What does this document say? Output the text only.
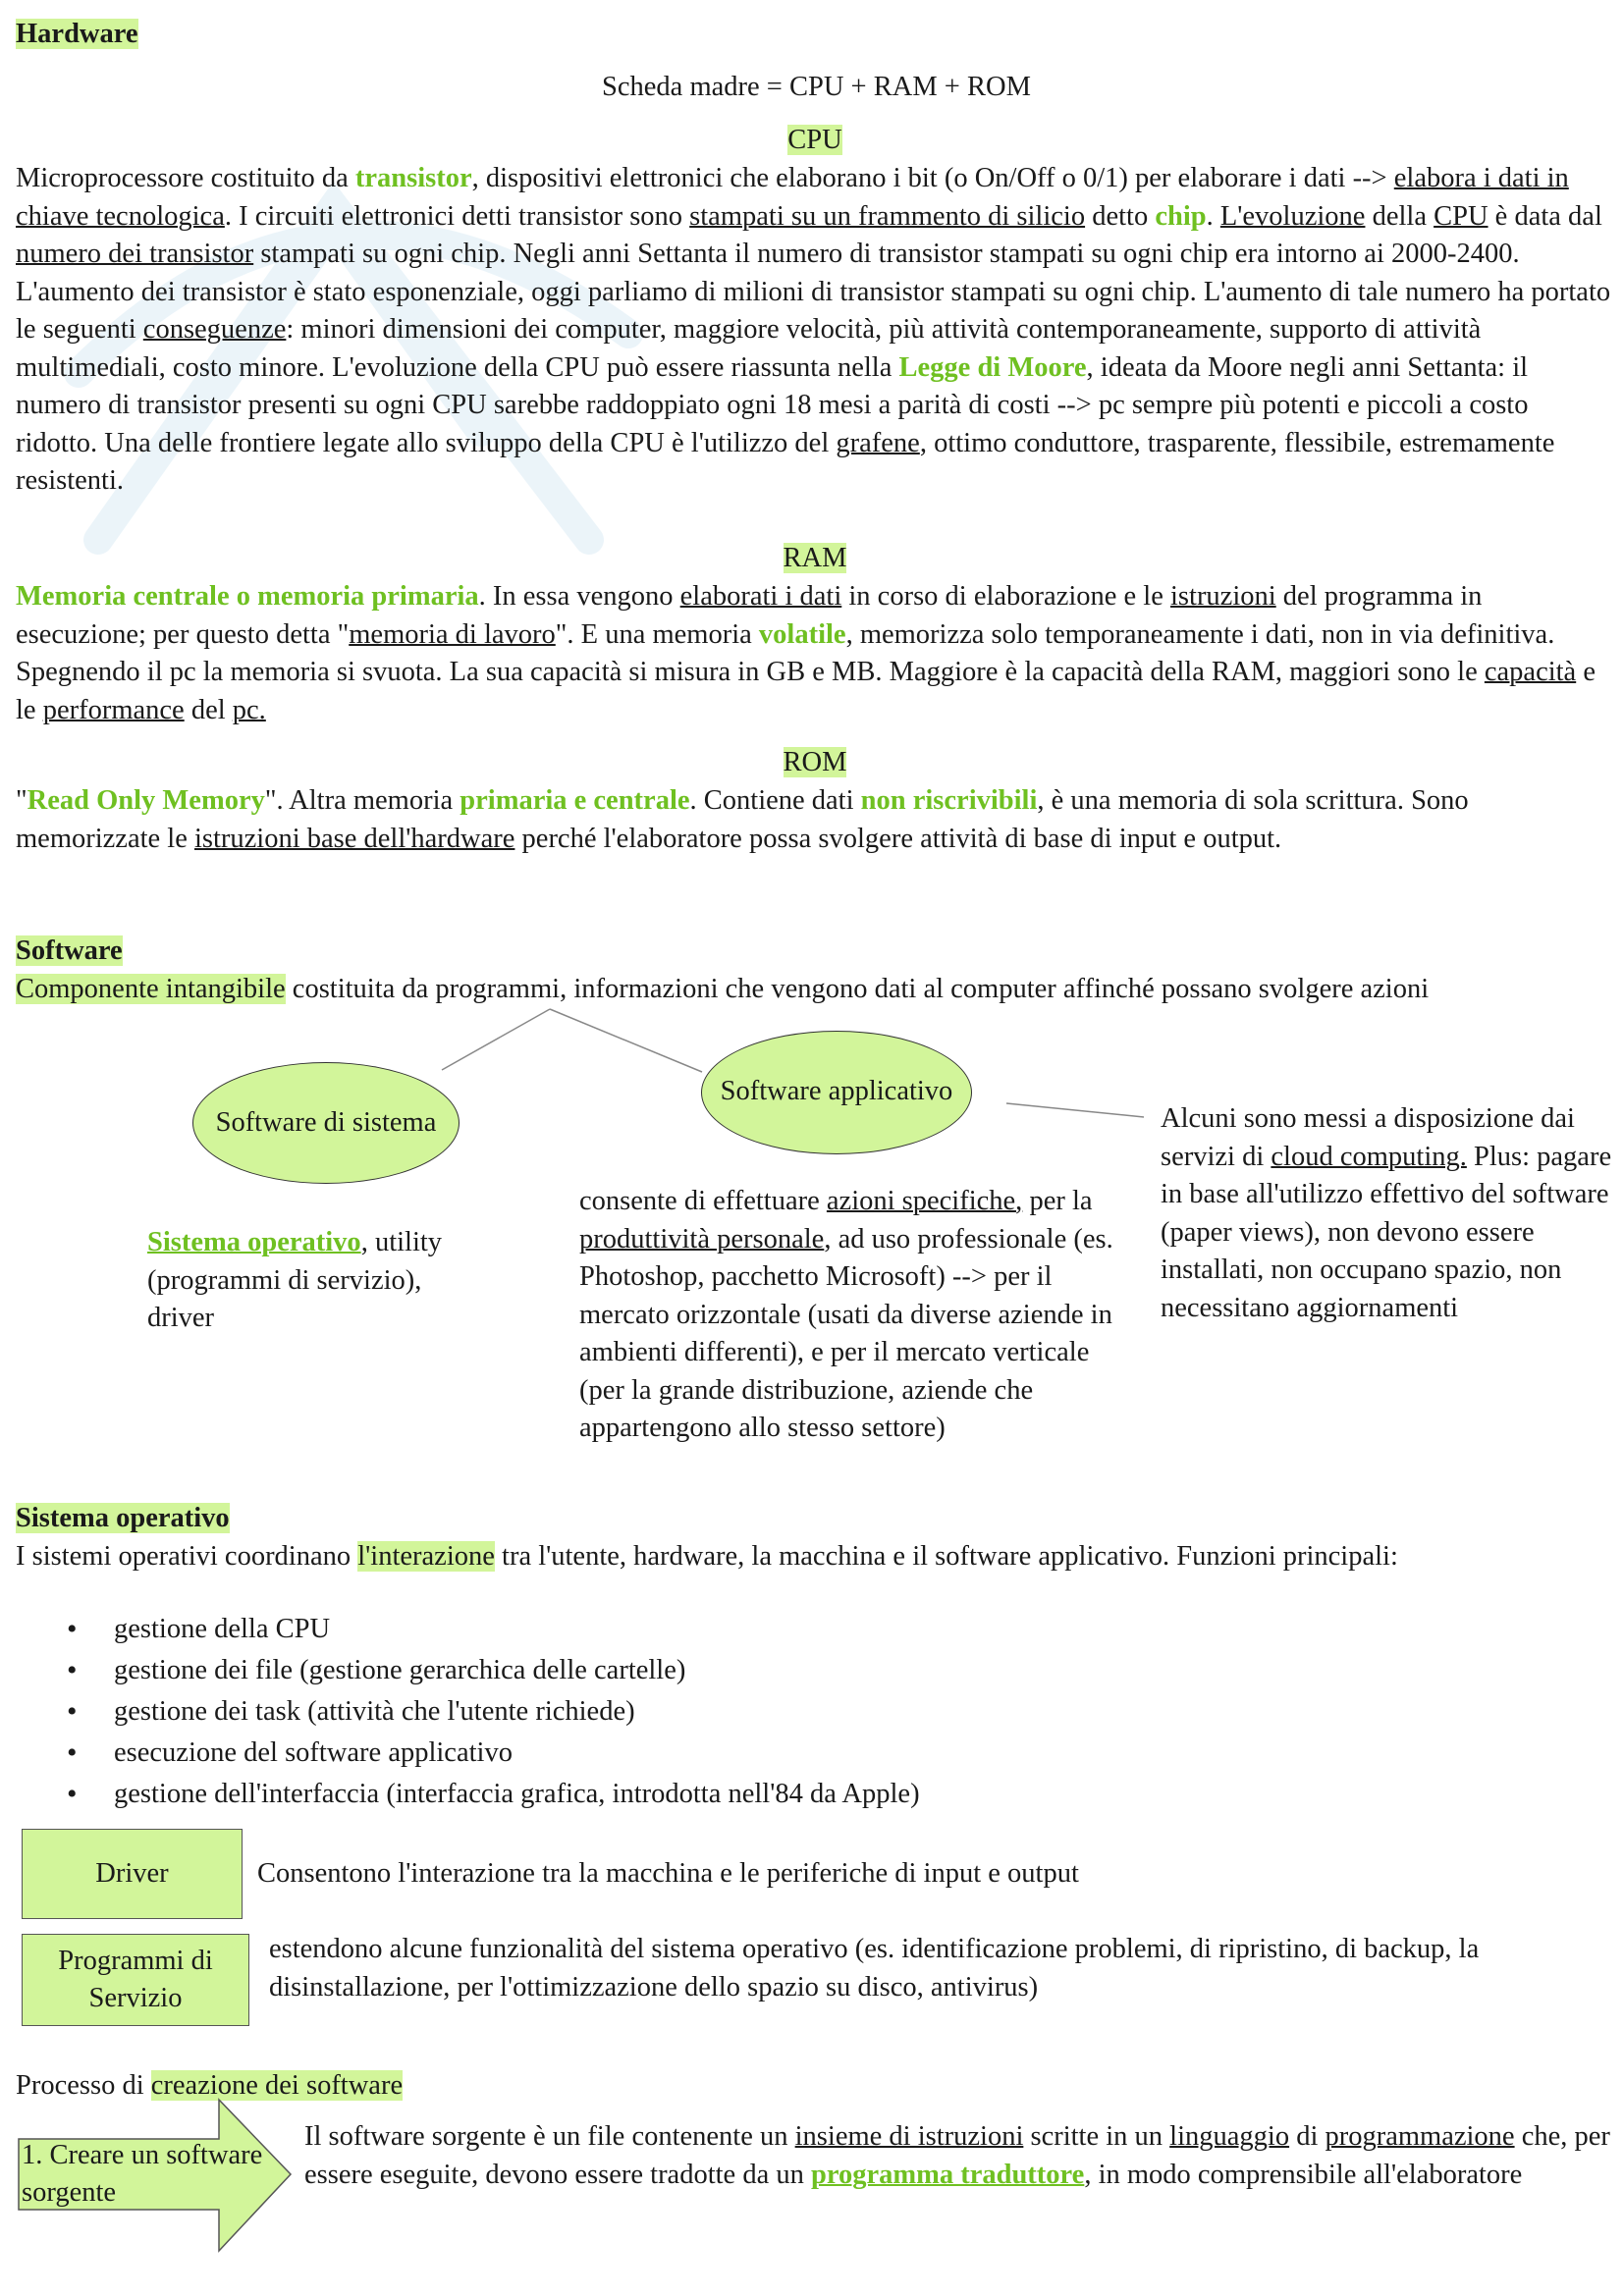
Hardware
Scheda madre = CPU + RAM + ROM
CPU

Microprocessore costituito da transistor, dispositivi elettronici che elaborano i bit (o On/Off o 0/1) per elaborare i dati --> elabora i dati in chiave tecnologica. I circuiti elettronici detti transistor sono stampati su un frammento di silicio detto chip. L'evoluzione della CPU è data dal numero dei transistor stampati su ogni chip. Negli anni Settanta il numero di transistor stampati su ogni chip era intorno ai 2000-2400. L'aumento dei transistor è stato esponenziale, oggi parliamo di milioni di transistor stampati su ogni chip. L'aumento di tale numero ha portato le seguenti conseguenze: minori dimensioni dei computer, maggiore velocità, più attività contemporaneamente, supporto di attività multimediali, costo minore. L'evoluzione della CPU può essere riassunta nella Legge di Moore, ideata da Moore negli anni Settanta: il numero di transistor presenti su ogni CPU sarebbe raddoppiato ogni 18 mesi a parità di costi --> pc sempre più potenti e piccoli a costo ridotto. Una delle frontiere legate allo sviluppo della CPU è l'utilizzo del grafene, ottimo conduttore, trasparente, flessibile, estremamente resistenti.

RAM

Memoria centrale o memoria primaria. In essa vengono elaborati i dati in corso di elaborazione e le istruzioni del programma in esecuzione; per questo detta "memoria di lavoro". E una memoria volatile, memorizza solo temporaneamente i dati, non in via definitiva. Spegnendo il pc la memoria si svuota. La sua capacità si misura in GB e MB. Maggiore è la capacità della RAM, maggiori sono le capacità e le performance del pc.

ROM

"Read Only Memory". Altra memoria primaria e centrale. Contiene dati non riscrivibili, è una memoria di sola scrittura. Sono memorizzate le istruzioni base dell'hardware perché l'elaboratore possa svolgere attività di base di input e output.

Software

Componente intangibile costituita da programmi, informazioni che vengono dati al computer affinché possano svolgere azioni

Software di sistema
Software applicativo

Sistema operativo, utility (programmi di servizio), driver

consente di effettuare azioni specifiche, per la produttività personale, ad uso professionale (es. Photoshop, pacchetto Microsoft) --> per il mercato orizzontale (usati da diverse aziende in ambienti differenti), e per il mercato verticale (per la grande distribuzione, aziende che appartengono allo stesso settore)

Alcuni sono messi a disposizione dai servizi di cloud computing. Plus: pagare in base all'utilizzo effettivo del software (paper views), non devono essere installati, non occupano spazio, non necessitano aggiornamenti

Sistema operativo

I sistemi operativi coordinano l'interazione tra l'utente, hardware, la macchina e il software applicativo. Funzioni principali:

• gestione della CPU
• gestione dei file (gestione gerarchica delle cartelle)
• gestione dei task (attività che l'utente richiede)
• esecuzione del software applicativo
• gestione dell'interfaccia (interfaccia grafica, introdotta nell'84 da Apple)
Driver	Consentono l'interazione tra la macchina e le periferiche di input e output

Programmi di
Servizio

estendono alcune funzionalità del sistema operativo (es. identificazione problemi, di ripristino, di backup, la disinstallazione, per l'ottimizzazione dello spazio su disco, antivirus)

Processo di creazione dei software

1. Creare un software sorgente

Il software sorgente è un file contenente un insieme di istruzioni scritte in un linguaggio di programmazione che, per essere eseguite, devono essere tradotte da un programma traduttore, in modo comprensibile all'elaboratore
